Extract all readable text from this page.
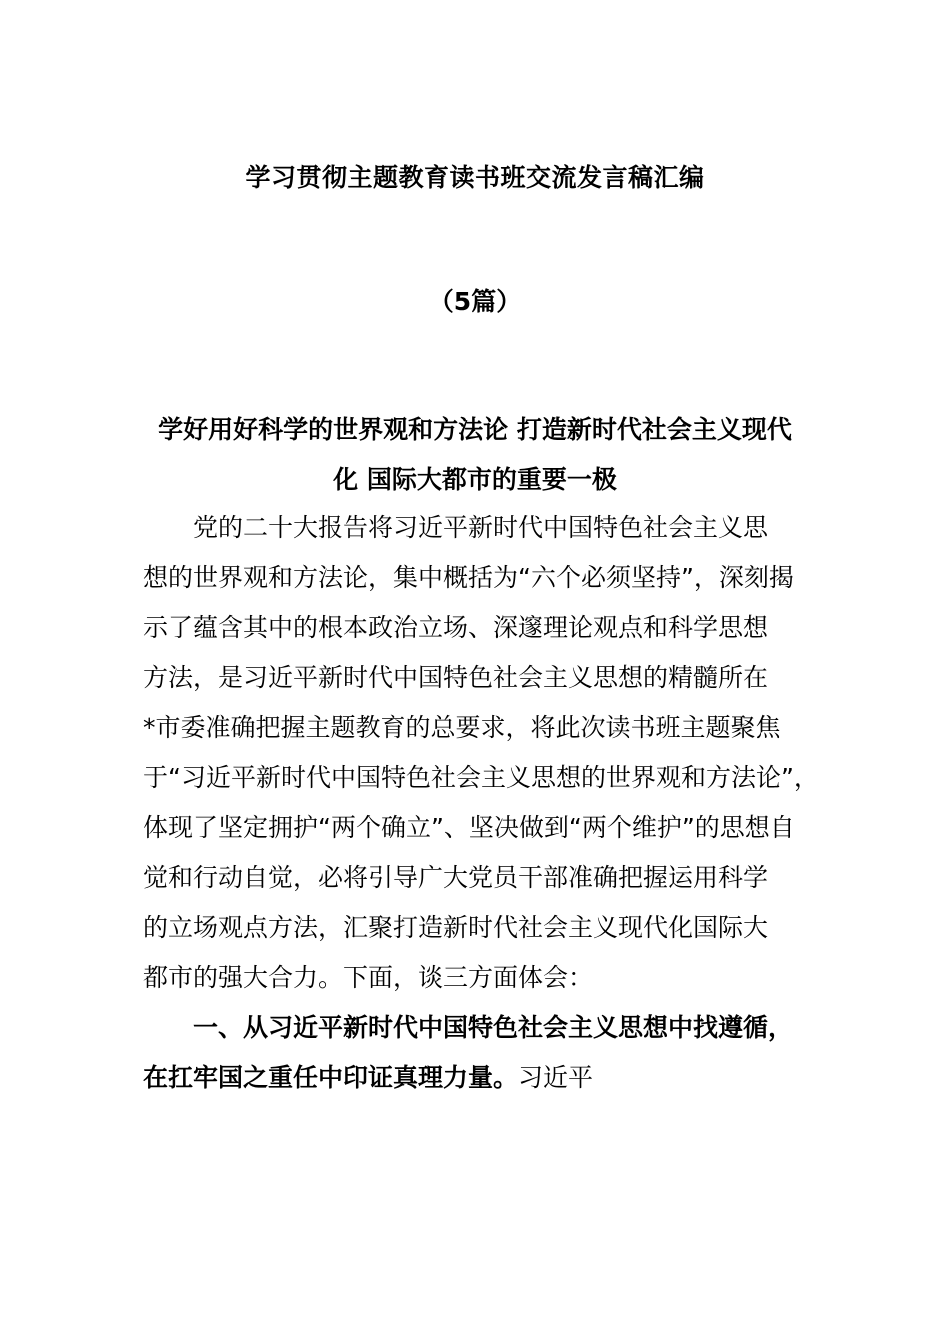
学习贯彻主题教育读书班交流发言稿汇编
（5篇）
学好用好科学的世界观和方法论 打造新时代社会主义现代
化 国际大都市的重要一极
党的二十大报告将习近平新时代中国特色社会主义思
想的世界观和方法论，集中概括为“六个必须坚持”，深刻揭
示了蕴含其中的根本政治立场、深邃理论观点和科学思想
方法，是习近平新时代中国特色社会主义思想的精髓所在
*市委准确把握主题教育的总要求，将此次读书班主题聚焦
于“习近平新时代中国特色社会主义思想的世界观和方法论”，
体现了坚定拥护“两个确立”、坚决做到“两个维护”的思想自
觉和行动自觉，必将引导广大党员干部准确把握运用科学
的立场观点方法，汇聚打造新时代社会主义现代化国际大
都市的强大合力。下面，谈三方面体会：
一、从习近平新时代中国特色社会主义思想中找遵循，
在扛牢国之重任中印证真理力量。习近平
